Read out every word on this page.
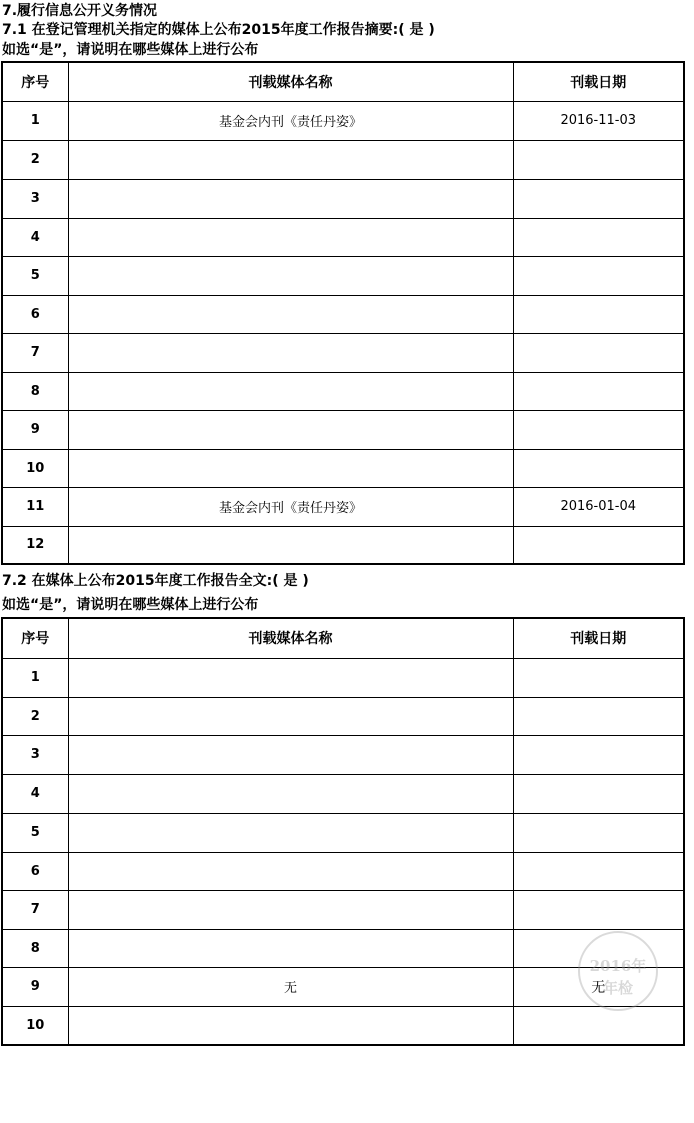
7.履行信息公开义务情况
7.1 在登记管理机关指定的媒体上公布2015年度工作报告摘要:( 是 )
如选“是”，请说明在哪些媒体上进行公布
序号	刊载媒体名称	刊载日期
1	基金会内刊《责任丹姿》	2016-11-03
2		
3		
4		
5		
6		
7		
8		
9		
10		
11	基金会内刊《责任丹姿》	2016-01-04
12		
7.2 在媒体上公布2015年度工作报告全文:( 是 )
如选“是”，请说明在哪些媒体上进行公布
序号	刊载媒体名称	刊载日期
1		
2		
3		
4		
5		
6		
7		
8		
9	无	无
10		
2016年
年检
